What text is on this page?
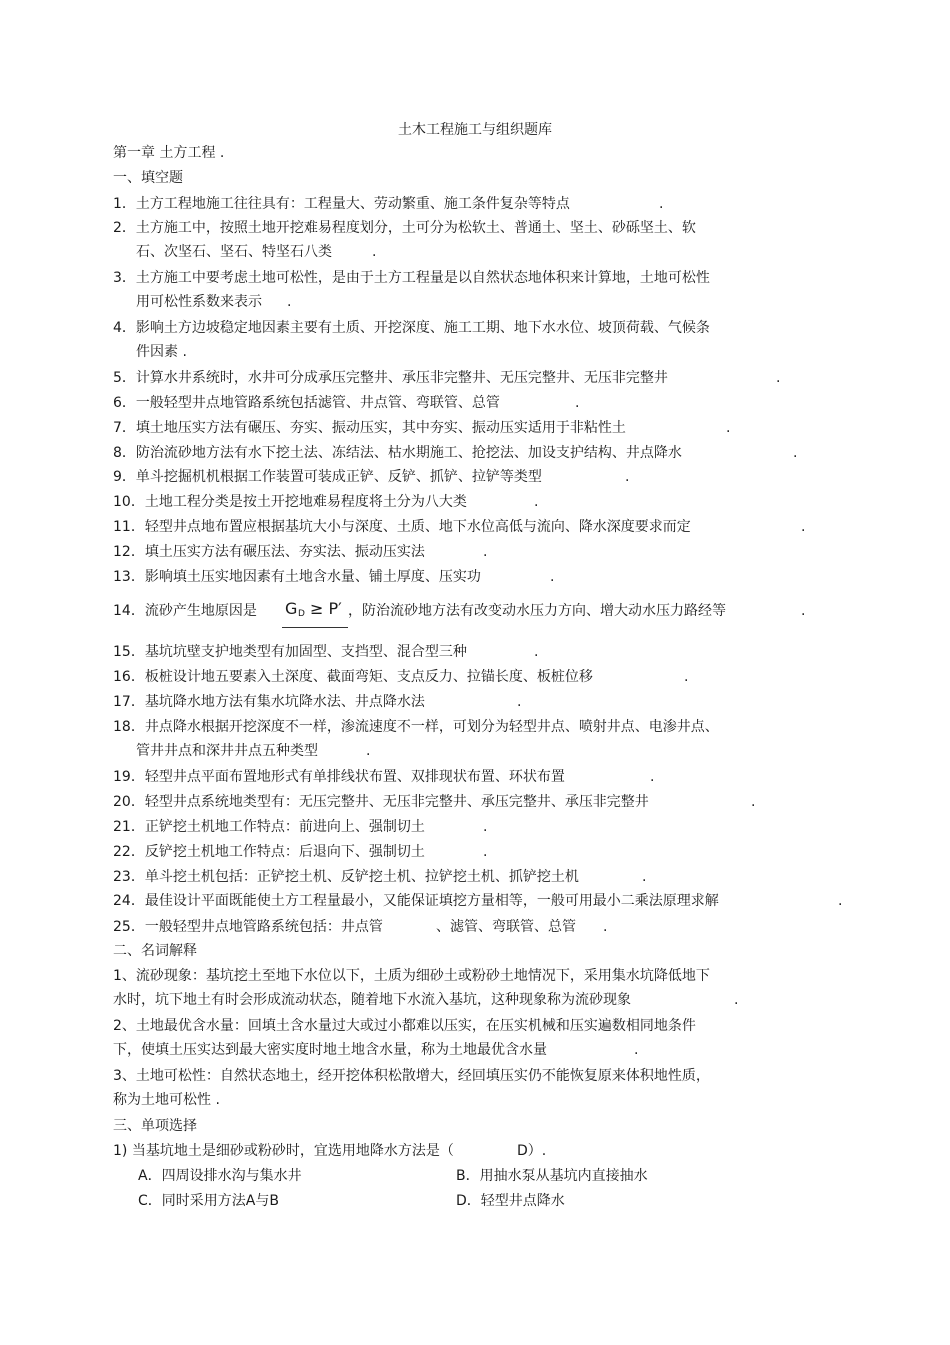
土木工程施工与组织题库
第一章 土方工程 .
一、填空题
1．土方工程地施工往往具有：工程量大、劳动繁重、施工条件复杂等特点	.
2．土方施工中，按照土地开挖难易程度划分，土可分为松软土、普通土、坚土、砂砾坚土、软
石、次坚石、坚石、特坚石八类	.
3．土方施工中要考虑土地可松性，是由于土方工程量是以自然状态地体积来计算地，土地可松性
用可松性系数来表示 .
4．影响土方边坡稳定地因素主要有土质、开挖深度、施工工期、地下水水位、坡顶荷载、气候条
件因素 .
5．计算水井系统时，水井可分成承压完整井、承压非完整井、无压完整井、无压非完整井	.
6．一般轻型井点地管路系统包括滤管、井点管、弯联管、总管	.
7．填土地压实方法有碾压、夯实、振动压实，其中夯实、振动压实适用于非粘性土	.
8．防治流砂地方法有水下挖土法、冻结法、枯水期施工、抢挖法、加设支护结构、井点降水	.
9．单斗挖掘机机根据工作装置可装成正铲、反铲、抓铲、拉铲等类型	.
10．土地工程分类是按土开挖地难易程度将土分为八大类	.
11．轻型井点地布置应根据基坑大小与深度、土质、地下水位高低与流向、降水深度要求而定	.
12．填土压实方法有碾压法、夯实法、振动压实法	.
13．影响填土压实地因素有土地含水量、铺土厚度、压实功	.
14．流砂产生地原因是 G D ≥ P′ ，防治流砂地方法有改变动水压力方向、增大动水压力路经等	.
15．基坑坑壁支护地类型有加固型、支挡型、混合型三种	.
16．板桩设计地五要素入土深度、截面弯矩、支点反力、拉锚长度、板桩位移	.
17．基坑降水地方法有集水坑降水法、井点降水法	.
18．井点降水根据开挖深度不一样，渗流速度不一样，可划分为轻型井点、喷射井点、电渗井点、
管井井点和深井井点五种类型	.
19．轻型井点平面布置地形式有单排线状布置、双排现状布置、环状布置	.
20．轻型井点系统地类型有：无压完整井、无压非完整井、承压完整井、承压非完整井	.
21．正铲挖土机地工作特点：前进向上、强制切土	.
22．反铲挖土机地工作特点：后退向下、强制切土	.
23．单斗挖土机包括：正铲挖土机、反铲挖土机、拉铲挖土机、抓铲挖土机	.
24．最佳设计平面既能使土方工程量最小，又能保证填挖方量相等，一般可用最小二乘法原理求解	.
25．一般轻型井点地管路系统包括：井点管	、滤管、弯联管、总管 .
二、名词解释
1、流砂现象：基坑挖土至地下水位以下，土质为细砂土或粉砂土地情况下，采用集水坑降低地下
水时，坑下地土有时会形成流动状态，随着地下水流入基坑，这种现象称为流砂现象	.
2、土地最优含水量：回填土含水量过大或过小都难以压实，在压实机械和压实遍数相同地条件
下，使填土压实达到最大密实度时地土地含水量，称为土地最优含水量	.
3、土地可松性：自然状态地土，经开挖体积松散增大，经回填压实仍不能恢复原来体积地性质，
称为土地可松性 .
三、单项选择
1) 当基坑地土是细砂或粉砂时，宜选用地降水方法是（	D）.
A．四周设排水沟与集水井	B．用抽水泵从基坑内直接抽水
C．同时采用方法A与B	D．轻型井点降水
